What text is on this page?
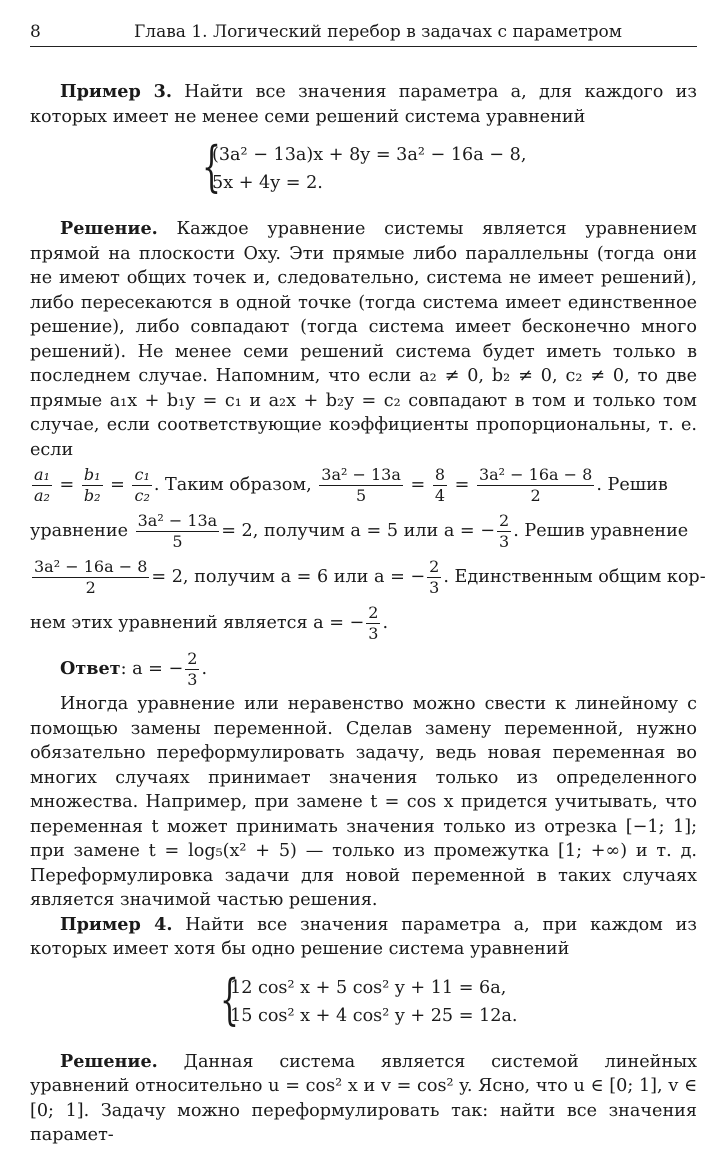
8	Глава 1. Логический перебор в задачах с параметром

Пример 3. Найти все значения параметра a, для каждого из которых имеет не менее семи решений система уравнений

{
(3a² − 13a)x + 8y = 3a² − 16a − 8,
5x + 4y = 2.

Решение. Каждое уравнение системы является уравнением прямой на плоскости Oxy. Эти прямые либо параллельны (тогда они не имеют общих точек и, следовательно, система не имеет решений), либо пересекаются в одной точке (тогда система имеет единственное решение), либо совпадают (тогда система имеет бесконечно много решений). Не менее семи решений система будет иметь только в последнем случае. Напомним, что если a₂ ≠ 0, b₂ ≠ 0, c₂ ≠ 0, то две прямые a₁x + b₁y = c₁ и a₂x + b₂y = c₂ совпадают в том и только том случае, если соответствующие коэффициенты пропорциональны, т. е. если

$\frac{\text{a₁}}{\text{a₂}} = \frac{\text{b₁}}{\text{b₂}} = \frac{\text{c₁}}{\text{c₂}}$ . Таким образом, $\frac{\text{3a² − 13a}}{5} = \frac{8}{4} = \frac{\text{3a² − 16a − 8}}{2}$ . Решив
уравнение $\frac{\text{3a² − 13a}}{5} = 2$, получим a = 5 или a = − $\frac{2}{3}$ . Решив уравнение
$\frac{\text{3a² − 16a − 8}}{2} = 2$, получим a = 6 или a = − $\frac{2}{3}$ . Единственным общим кор-
нем этих уравнений является a = − $\frac{2}{3}$ .
Ответ: a = − $\frac{2}{3}$ .

Иногда уравнение или неравенство можно свести к линейному с помощью замены переменной. Сделав замену переменной, нужно обязательно переформулировать задачу, ведь новая переменная во многих случаях принимает значения только из определенного множества. Например, при замене t = cos x придется учитывать, что переменная t может принимать значения только из отрезка [−1; 1]; при замене t = log₅(x² + 5) — только из промежутка [1; +∞) и т. д. Переформулировка задачи для новой переменной в таких случаях является значимой частью решения.

Пример 4. Найти все значения параметра a, при каждом из которых имеет хотя бы одно решение система уравнений

{
12 cos² x + 5 cos² y + 11 = 6a,
15 cos² x + 4 cos² y + 25 = 12a.

Решение. Данная система является системой линейных уравнений относительно u = cos² x и v = cos² y. Ясно, что u ∈ [0; 1], v ∈ [0; 1]. Задачу можно переформулировать так: найти все значения парамет-
